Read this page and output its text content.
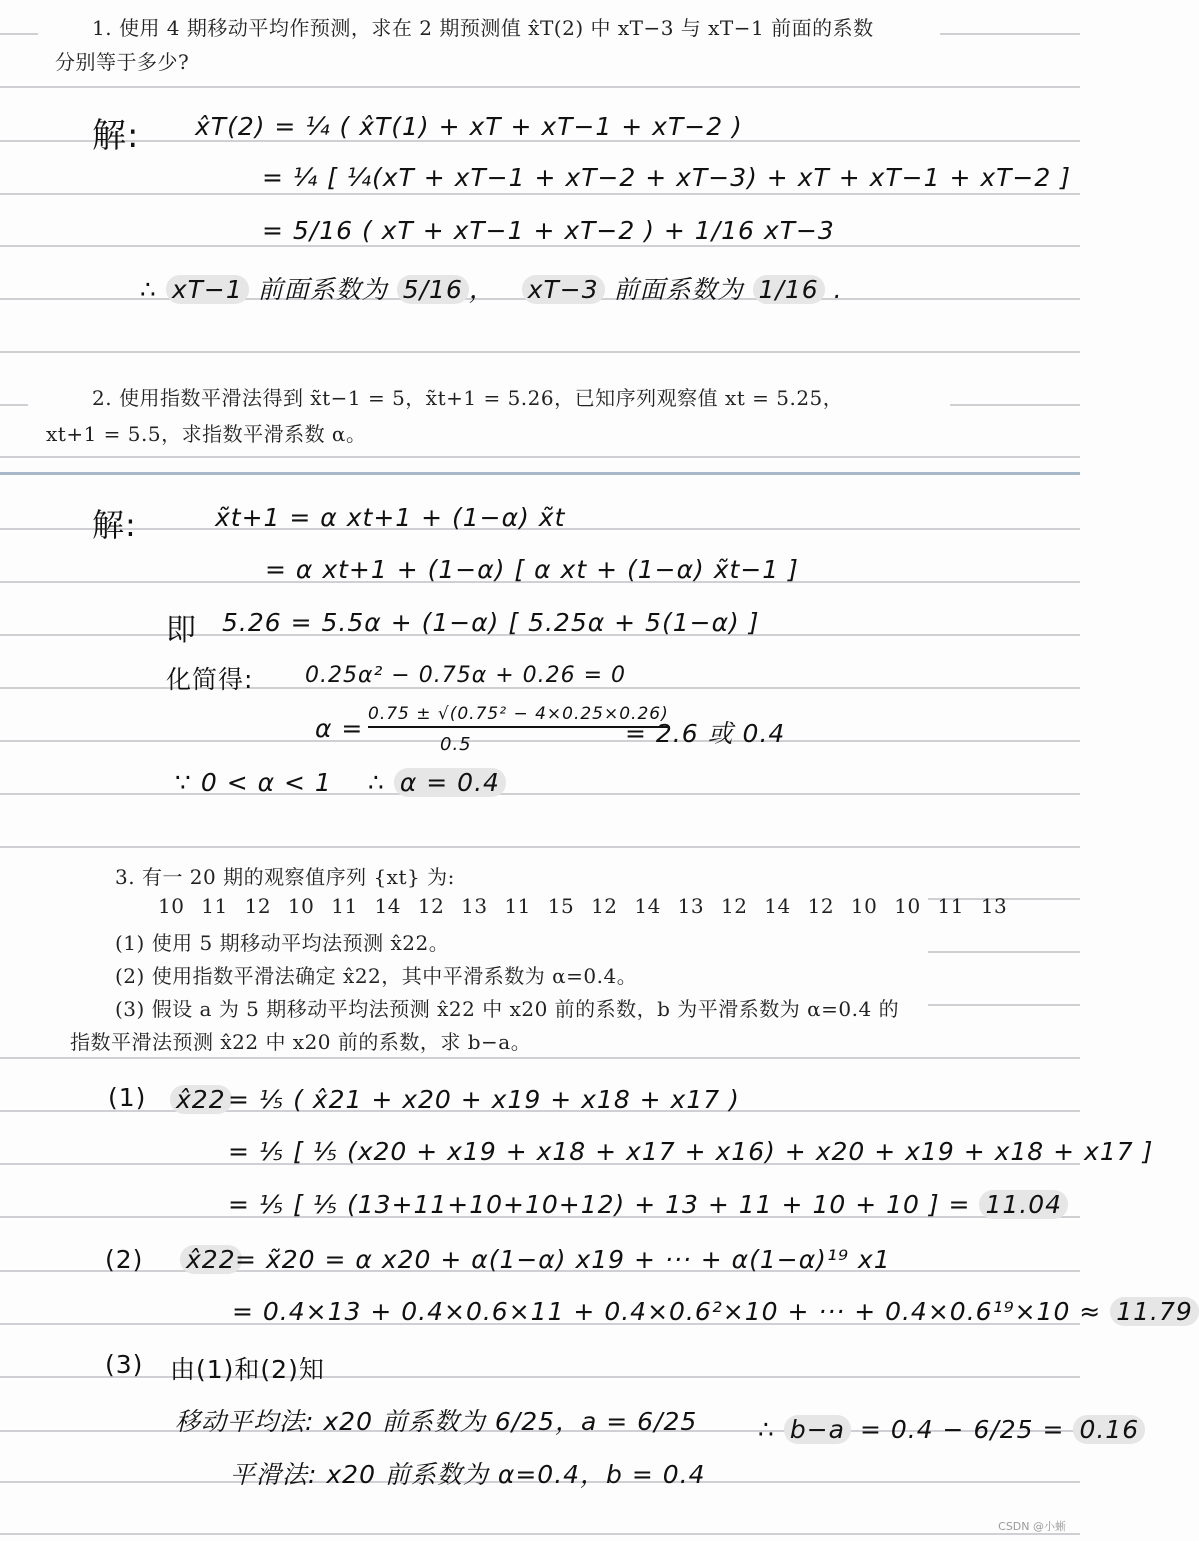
1. 使用 4 期移动平均作预测，求在 2 期预测值 x̂T(2) 中 xT−3 与 xT−1 前面的系数
分别等于多少?
解: x̂T(2) = ¼ ( x̂T(1) + xT + xT−1 + xT−2 )
= ¼ [ ¼(xT + xT−1 + xT−2 + xT−3) + xT + xT−1 + xT−2 ]
= 5/16 ( xT + xT−1 + xT−2 ) + 1/16 xT−3
∴ xT−1 前面系数为 5/16 ， xT−3 前面系数为 1/16 .
2. 使用指数平滑法得到 x̃t−1 = 5，x̃t+1 = 5.26，已知序列观察值 xt = 5.25，
xt+1 = 5.5，求指数平滑系数 α。
解:	x̃t+1 = α xt+1 + (1−α) x̃t
= α xt+1 + (1−α) [ α xt + (1−α) x̃t−1 ]
即 5.26 = 5.5α + (1−α) [ 5.25α + 5(1−α) ]
化简得: 0.25α² − 0.75α + 0.26 = 0
α = 0.75 ± √(0.75² − 4×0.25×0.26)
0.5	= 2.6 或 0.4
∵ 0 < α < 1 ∴ α = 0.4
3. 有一 20 期的观察值序列 {xt} 为:
10 11 12 10 11 14 12 13 11 15 12 14 13 12 14 12 10 10 11 13
(1) 使用 5 期移动平均法预测 x̂22。
(2) 使用指数平滑法确定 x̂22，其中平滑系数为 α=0.4。
(3) 假设 a 为 5 期移动平均法预测 x̂22 中 x20 前的系数，b 为平滑系数为 α=0.4 的
指数平滑法预测 x̂22 中 x20 前的系数，求 b−a。
(1) x̂22 = ⅕ ( x̂21 + x20 + x19 + x18 + x17 )
= ⅕ [ ⅕ (x20 + x19 + x18 + x17 + x16) + x20 + x19 + x18 + x17 ]
= ⅕ [ ⅕ (13+11+10+10+12) + 13 + 11 + 10 + 10 ] = 11.04
(2) x̂22 = x̃20 = α x20 + α(1−α) x19 + ··· + α(1−α)¹⁹ x1
= 0.4×13 + 0.4×0.6×11 + 0.4×0.6²×10 + ··· + 0.4×0.6¹⁹×10 ≈ 11.79
(3) 由(1)和(2)知
移动平均法: x20 前系数为 6/25，a = 6/25
平滑法: x20 前系数为 α=0.4，b = 0.4
∴ b−a = 0.4 − 6/25 = 0.16
CSDN @小蜥
